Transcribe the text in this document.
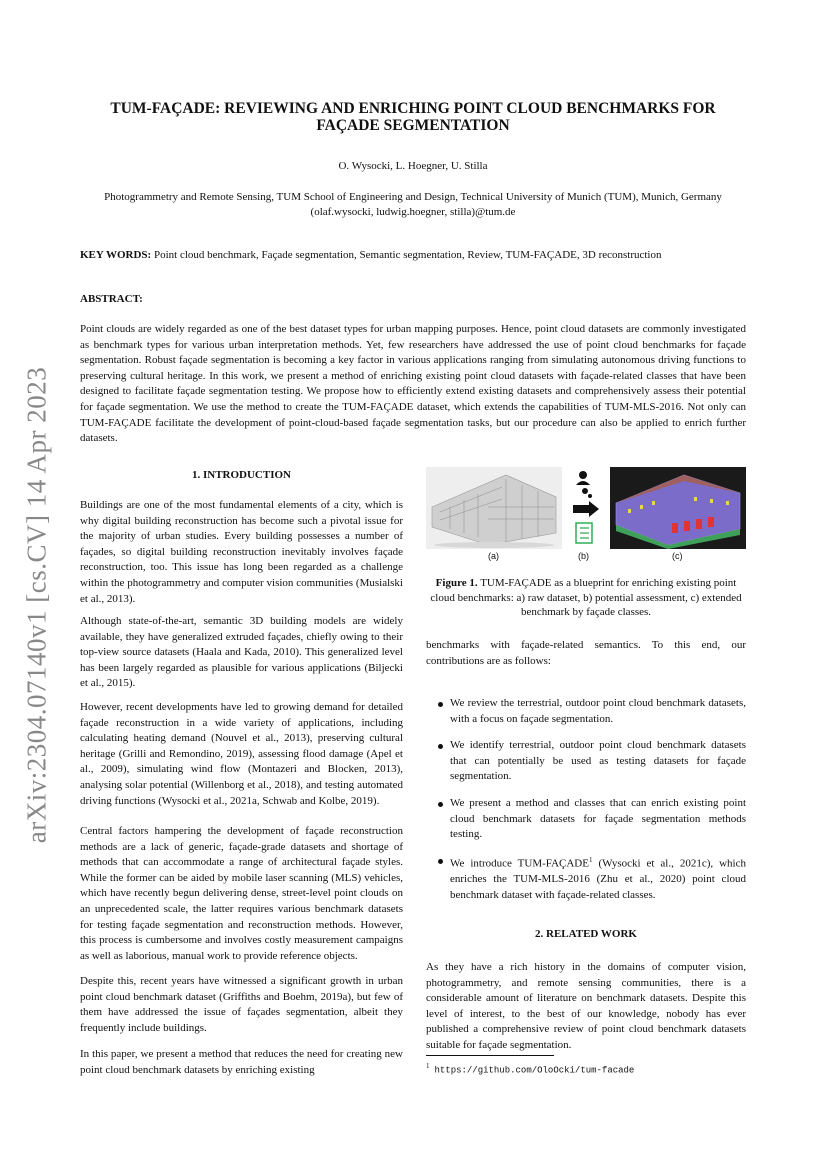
arXiv:2304.07140v1 [cs.CV] 14 Apr 2023
TUM-FAÇADE: REVIEWING AND ENRICHING POINT CLOUD BENCHMARKS FOR FAÇADE SEGMENTATION
O. Wysocki, L. Hoegner, U. Stilla
Photogrammetry and Remote Sensing, TUM School of Engineering and Design, Technical University of Munich (TUM), Munich, Germany
(olaf.wysocki, ludwig.hoegner, stilla)@tum.de
KEY WORDS: Point cloud benchmark, Façade segmentation, Semantic segmentation, Review, TUM-FAÇADE, 3D reconstruction
ABSTRACT:
Point clouds are widely regarded as one of the best dataset types for urban mapping purposes. Hence, point cloud datasets are commonly investigated as benchmark types for various urban interpretation methods. Yet, few researchers have addressed the use of point cloud benchmarks for façade segmentation. Robust façade segmentation is becoming a key factor in various applications ranging from simulating autonomous driving functions to preserving cultural heritage. In this work, we present a method of enriching existing point cloud datasets with façade-related classes that have been designed to facilitate façade segmentation testing. We propose how to efficiently extend existing datasets and comprehensively assess their potential for façade segmentation. We use the method to create the TUM-FAÇADE dataset, which extends the capabilities of TUM-MLS-2016. Not only can TUM-FAÇADE facilitate the development of point-cloud-based façade segmentation tasks, but our procedure can also be applied to enrich further datasets.
1. INTRODUCTION
Buildings are one of the most fundamental elements of a city, which is why digital building reconstruction has become such a pivotal issue for the majority of urban studies. Every building possesses a number of façades, so digital building reconstruction inevitably involves façade reconstruction, too. This issue has long been regarded as a challenge within the photogrammetry and computer vision communities (Musialski et al., 2013).
Although state-of-the-art, semantic 3D building models are widely available, they have generalized extruded façades, chiefly owing to their top-view source datasets (Haala and Kada, 2010). This generalized level has been largely regarded as plausible for various applications (Biljecki et al., 2015).
However, recent developments have led to growing demand for detailed façade reconstruction in a wide variety of applications, including calculating heating demand (Nouvel et al., 2013), preserving cultural heritage (Grilli and Remondino, 2019), assessing flood damage (Apel et al., 2009), simulating wind flow (Montazeri and Blocken, 2013), analysing solar potential (Willenborg et al., 2018), and testing automated driving functions (Wysocki et al., 2021a, Schwab and Kolbe, 2019).
Central factors hampering the development of façade reconstruction methods are a lack of generic, façade-grade datasets and shortage of methods that can accommodate a range of architectural façade styles. While the former can be aided by mobile laser scanning (MLS) vehicles, which have recently begun delivering dense, street-level point clouds on an unprecedented scale, the latter requires various benchmark datasets for testing façade segmentation and reconstruction methods. However, this process is cumbersome and involves costly measurement campaigns as well as laborious, manual work to provide reference objects.
Despite this, recent years have witnessed a significant growth in urban point cloud benchmark dataset (Griffiths and Boehm, 2019a), but few of them have addressed the issue of façades segmentation, albeit they frequently include buildings.
In this paper, we present a method that reduces the need for creating new point cloud benchmark datasets by enriching existing
(a)	(b)	(c)
Figure 1. TUM-FAÇADE as a blueprint for enriching existing point cloud benchmarks: a) raw dataset, b) potential assessment, c) extended benchmark by façade classes.
benchmarks with façade-related semantics. To this end, our contributions are as follows:
We review the terrestrial, outdoor point cloud benchmark datasets, with a focus on façade segmentation.
We identify terrestrial, outdoor point cloud benchmark datasets that can potentially be used as testing datasets for façade segmentation.
We present a method and classes that can enrich existing point cloud benchmark datasets for façade segmentation methods testing.
We introduce TUM-FAÇADE$^1$ (Wysocki et al., 2021c), which enriches the TUM-MLS-2016 (Zhu et al., 2020) point cloud benchmark dataset with façade-related classes.
2. RELATED WORK
As they have a rich history in the domains of computer vision, photogrammetry, and remote sensing communities, there is a considerable amount of literature on benchmark datasets. Despite this level of interest, to the best of our knowledge, nobody has ever published a comprehensive review of point cloud benchmark datasets suitable for façade segmentation.
$^1$ https://github.com/OloOcki/tum-facade
